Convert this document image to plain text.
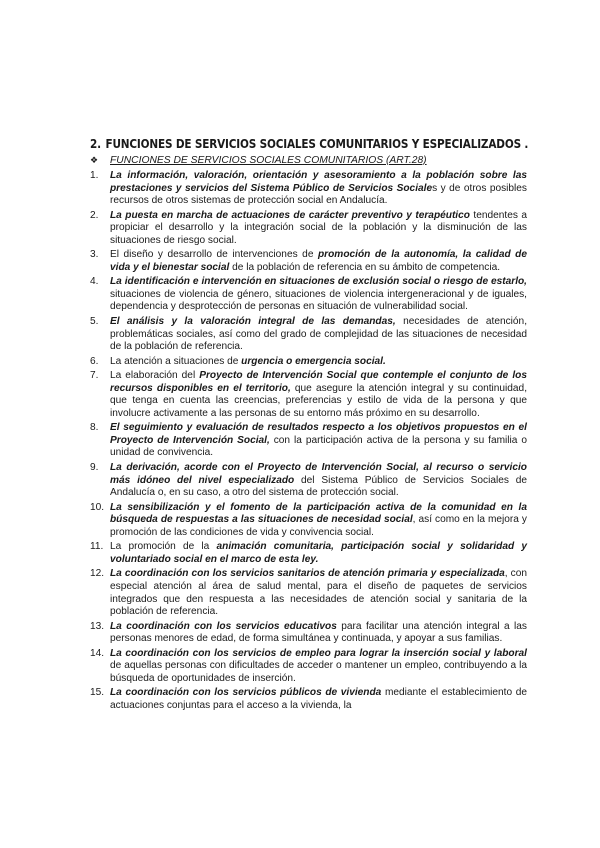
2. FUNCIONES DE SERVICIOS SOCIALES COMUNITARIOS Y ESPECIALIZADOS .
❖ FUNCIONES DE SERVICIOS SOCIALES COMUNITARIOS (ART.28)
1.	La información, valoración, orientación y asesoramiento a la población sobre las prestaciones y servicios del Sistema Público de Servicios Sociales y de otros posibles recursos de otros sistemas de protección social en Andalucía.
2.	La puesta en marcha de actuaciones de carácter preventivo y terapéutico tendentes a propiciar el desarrollo y la integración social de la población y la disminución de las situaciones de riesgo social.
3.	El diseño y desarrollo de intervenciones de promoción de la autonomía, la calidad de vida y el bienestar social de la población de referencia en su ámbito de competencia.
4.	La identificación e intervención en situaciones de exclusión social o riesgo de estarlo, situaciones de violencia de género, situaciones de violencia intergeneracional y de iguales, dependencia y desprotección de personas en situación de vulnerabilidad social.
5.	El análisis y la valoración integral de las demandas, necesidades de atención, problemáticas sociales, así como del grado de complejidad de las situaciones de necesidad de la población de referencia.
6.	La atención a situaciones de urgencia o emergencia social.
7.	La elaboración del Proyecto de Intervención Social que contemple el conjunto de los recursos disponibles en el territorio, que asegure la atención integral y su continuidad, que tenga en cuenta las creencias, preferencias y estilo de vida de la persona y que involucre activamente a las personas de su entorno más próximo en su desarrollo.
8.	El seguimiento y evaluación de resultados respecto a los objetivos propuestos en el Proyecto de Intervención Social, con la participación activa de la persona y su familia o unidad de convivencia.
9.	La derivación, acorde con el Proyecto de Intervención Social, al recurso o servicio más idóneo del nivel especializado del Sistema Público de Servicios Sociales de Andalucía o, en su caso, a otro del sistema de protección social.
10. La sensibilización y el fomento de la participación activa de la comunidad en la búsqueda de respuestas a las situaciones de necesidad social, así como en la mejora y promoción de las condiciones de vida y convivencia social.
11. La promoción de la animación comunitaria, participación social y solidaridad y voluntariado social en el marco de esta ley.
12. La coordinación con los servicios sanitarios de atención primaria y especializada, con especial atención al área de salud mental, para el diseño de paquetes de servicios integrados que den respuesta a las necesidades de atención social y sanitaria de la población de referencia.
13. La coordinación con los servicios educativos para facilitar una atención integral a las personas menores de edad, de forma simultánea y continuada, y apoyar a sus familias.
14. La coordinación con los servicios de empleo para lograr la inserción social y laboral de aquellas personas con dificultades de acceder o mantener un empleo, contribuyendo a la búsqueda de oportunidades de inserción.
15. La coordinación con los servicios públicos de vivienda mediante el establecimiento de actuaciones conjuntas para el acceso a la vivienda, la
